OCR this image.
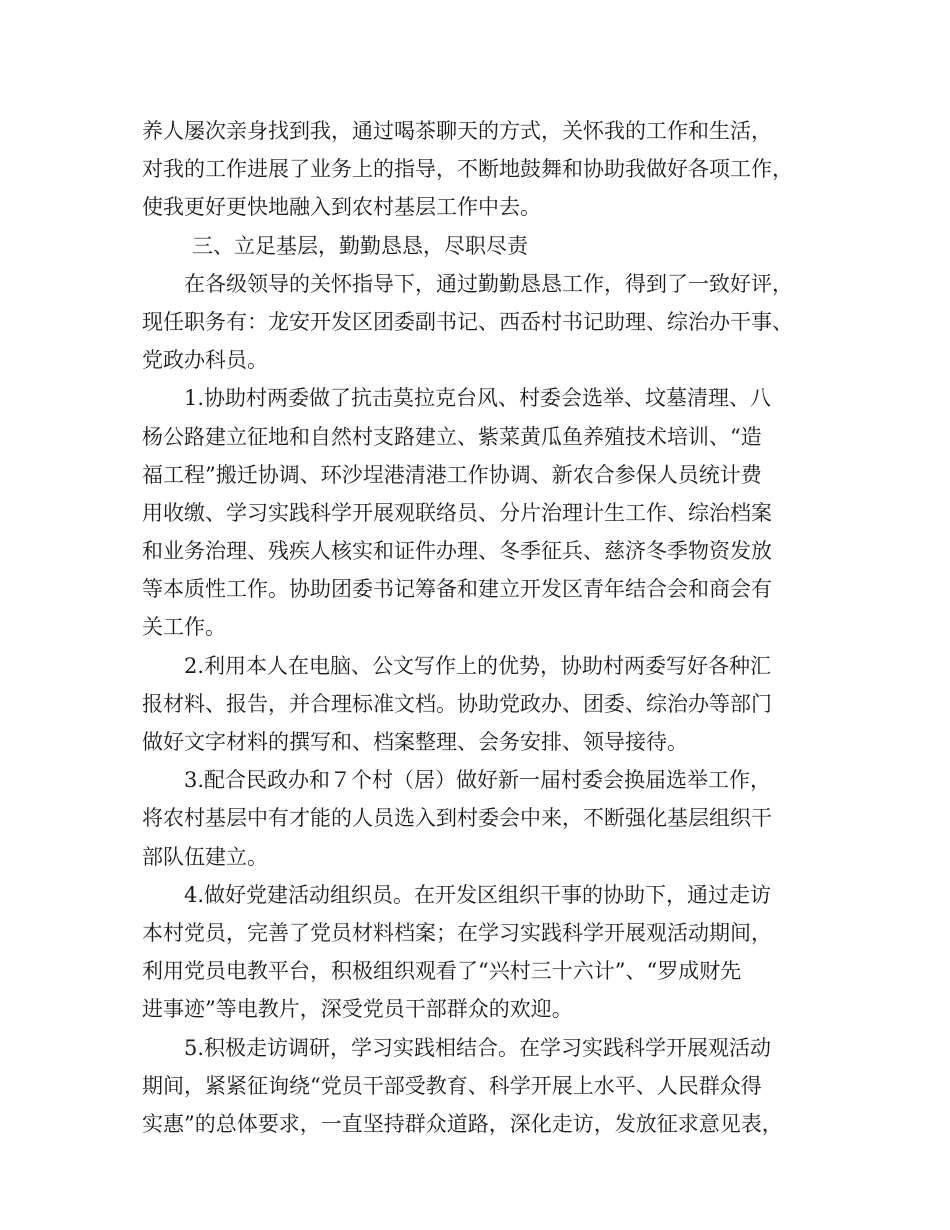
养人屡次亲身找到我，通过喝茶聊天的方式，关怀我的工作和生活，
对我的工作进展了业务上的指导，不断地鼓舞和协助我做好各项工作，
使我更好更快地融入到农村基层工作中去。
三、立足基层，勤勤恳恳，尽职尽责
在各级领导的关怀指导下，通过勤勤恳恳工作，得到了一致好评，
现任职务有：龙安开发区团委副书记、西岙村书记助理、综治办干事、
党政办科员。
1.协助村两委做了抗击莫拉克台风、村委会选举、坟墓清理、八
杨公路建立征地和自然村支路建立、紫菜黄瓜鱼养殖技术培训、“造
福工程”搬迁协调、环沙埕港清港工作协调、新农合参保人员统计费
用收缴、学习实践科学开展观联络员、分片治理计生工作、综治档案
和业务治理、残疾人核实和证件办理、冬季征兵、慈济冬季物资发放
等本质性工作。协助团委书记筹备和建立开发区青年结合会和商会有
关工作。
2.利用本人在电脑、公文写作上的优势，协助村两委写好各种汇
报材料、报告，并合理标准文档。协助党政办、团委、综治办等部门
做好文字材料的撰写和、档案整理、会务安排、领导接待。
3.配合民政办和７个村（居）做好新一届村委会换届选举工作，
将农村基层中有才能的人员选入到村委会中来，不断强化基层组织干
部队伍建立。
4.做好党建活动组织员。在开发区组织干事的协助下，通过走访
本村党员，完善了党员材料档案；在学习实践科学开展观活动期间，
利用党员电教平台，积极组织观看了“兴村三十六计”、“罗成财先
进事迹”等电教片，深受党员干部群众的欢迎。
5.积极走访调研，学习实践相结合。在学习实践科学开展观活动
期间，紧紧征询绕“党员干部受教育、科学开展上水平、人民群众得
实惠”的总体要求，一直坚持群众道路，深化走访，发放征求意见表，
